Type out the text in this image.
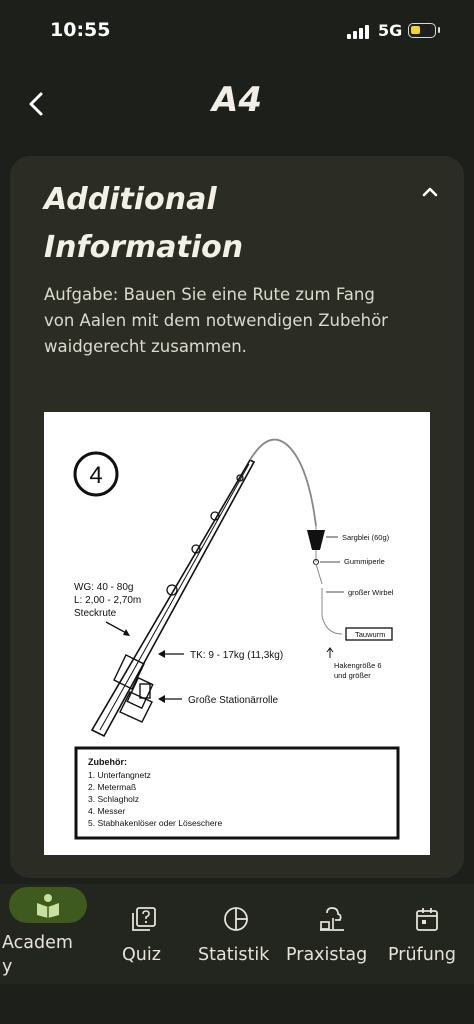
10:55	5G
A4
Additional
Information
Aufgabe: Bauen Sie eine Rute zum Fang
von Aalen mit dem notwendigen Zubehör
waidgerecht zusammen.
4
Sargblei (60g)
Gummiperle
großer Wirbel
Tauwurm
Hakengröße 6
und größer
WG: 40 - 80g
L: 2,00 - 2,70m
Steckrute
TK: 9 - 17kg (11,3kg)
Große Stationärrolle
Zubehör:
1. Unterfangnetz
2. Metermaß
3. Schlagholz
4. Messer
5. Stabhakenlöser oder Löseschere
Academ
y
Quiz Statistik Praxistag Prüfung
